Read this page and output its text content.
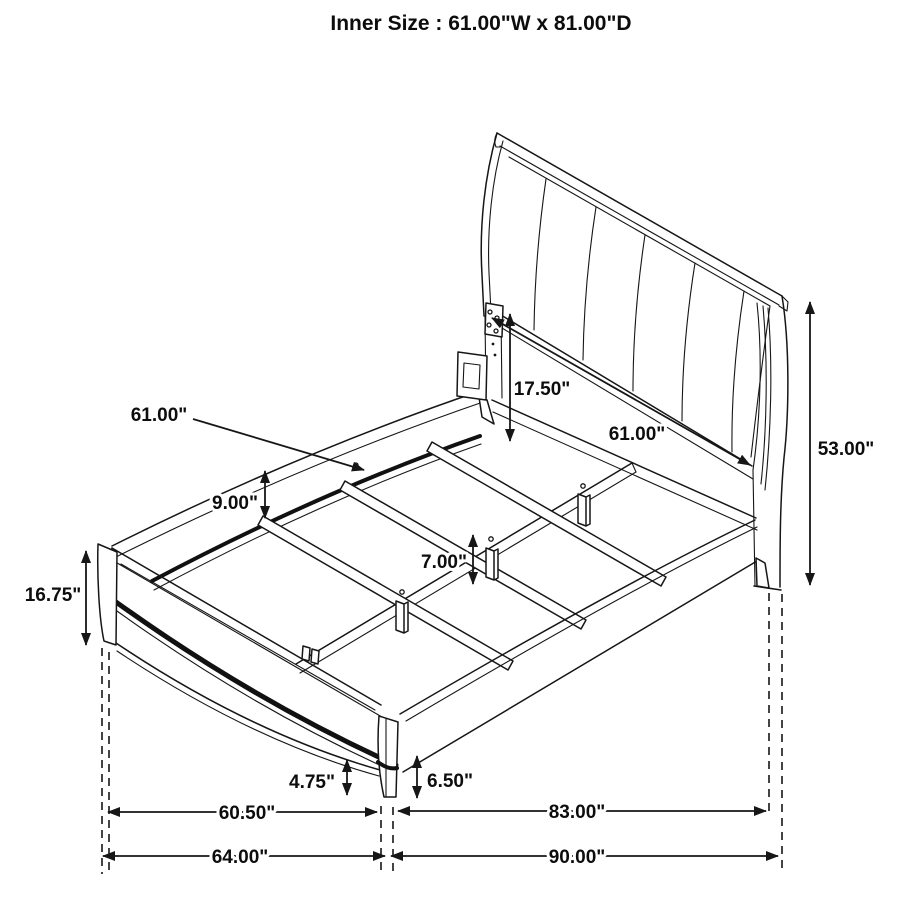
61.00"
9.00"
16.75"
17.50"
61.00"
53.00"
7.00"
4.75"	6.50"
60.50"	83.00"
64.00"	90.00"
Inner Size : 61.00"W x 81.00"D
